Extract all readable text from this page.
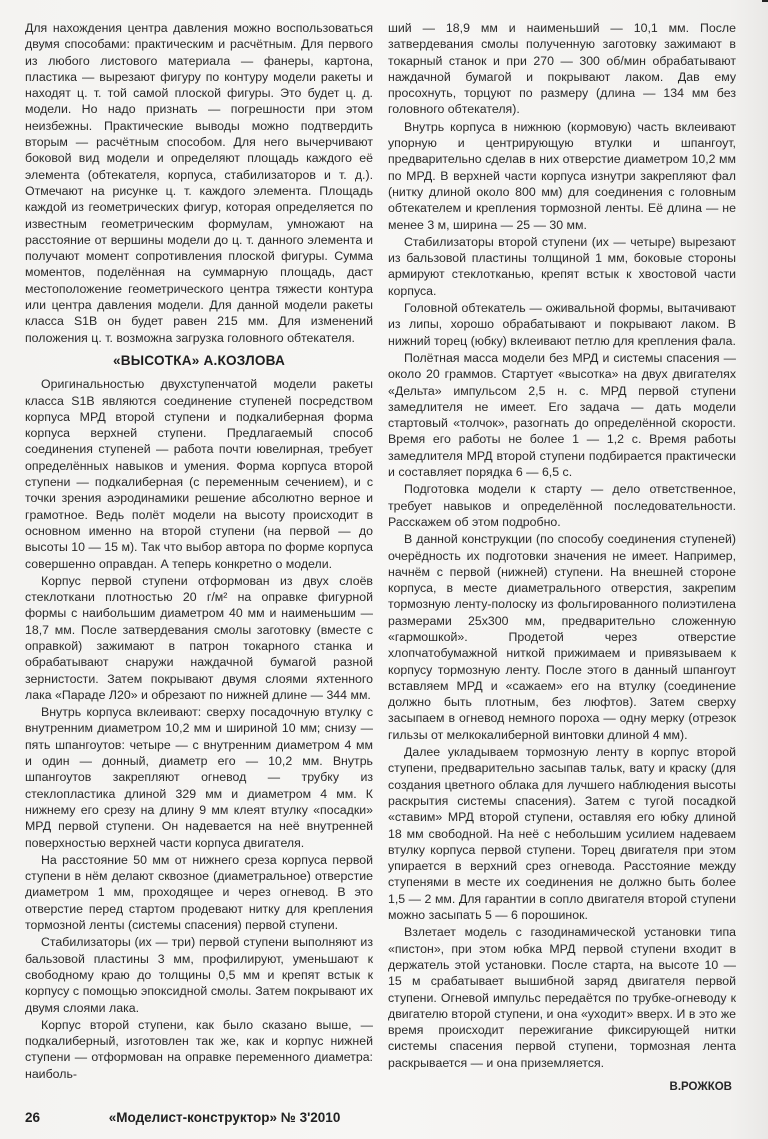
Для нахождения центра давления можно воспользоваться двумя способами: практическим и расчётным. Для первого из любого листового материала — фанеры, картона, пластика — вырезают фигуру по контуру модели ракеты и находят ц. т. той самой плоской фигуры. Это будет ц. д. модели. Но надо признать — погрешности при этом неизбежны. Практические выводы можно подтвердить вторым — расчётным способом. Для него вычерчивают боковой вид модели и определяют площадь каждого её элемента (обтекателя, корпуса, стабилизаторов и т. д.). Отмечают на рисунке ц. т. каждого элемента. Площадь каждой из геометрических фигур, которая определяется по известным геометрическим формулам, умножают на расстояние от вершины модели до ц. т. данного элемента и получают момент сопротивления плоской фигуры. Сумма моментов, поделённая на суммарную площадь, даст местоположение геометрического центра тяжести контура или центра давления модели. Для данной модели ракеты класса S1B он будет равен 215 мм. Для изменений положения ц. т. возможна загрузка головного обтекателя.

«ВЫСОТКА» А.КОЗЛОВА

Оригинальностью двухступенчатой модели ракеты класса S1B являются соединение ступеней посредством корпуса МРД второй ступени и подкалиберная форма корпуса верхней ступени. Предлагаемый способ соединения ступеней — работа почти ювелирная, требует определённых навыков и умения. Форма корпуса второй ступени — подкалиберная (с переменным сечением), и с точки зрения аэродинамики решение абсолютно верное и грамотное. Ведь полёт модели на высоту происходит в основном именно на второй ступени (на первой — до высоты 10 — 15 м). Так что выбор автора по форме корпуса совершенно оправдан. А теперь конкретно о модели.

Корпус первой ступени отформован из двух слоёв стеклоткани плотностью 20 г/м² на оправке фигурной формы с наибольшим диаметром 40 мм и наименьшим — 18,7 мм. После затвердевания смолы заготовку (вместе с оправкой) зажимают в патрон токарного станка и обрабатывают снаружи наждачной бумагой разной зернистости. Затем покрывают двумя слоями яхтенного лака «Параде Л20» и обрезают по нижней длине — 344 мм.

Внутрь корпуса вклеивают: сверху посадочную втулку с внутренним диаметром 10,2 мм и шириной 10 мм; снизу — пять шпангоутов: четыре — с внутренним диаметром 4 мм и один — донный, диаметр его — 10,2 мм. Внутрь шпангоутов закрепляют огневод — трубку из стеклопластика длиной 329 мм и диаметром 4 мм. К нижнему его срезу на длину 9 мм клеят втулку «посадки» МРД первой ступени. Он надевается на неё внутренней поверхностью верхней части корпуса двигателя.

На расстояние 50 мм от нижнего среза корпуса первой ступени в нём делают сквозное (диаметральное) отверстие диаметром 1 мм, проходящее и через огневод. В это отверстие перед стартом продевают нитку для крепления тормозной ленты (системы спасения) первой ступени.

Стабилизаторы (их — три) первой ступени выполняют из бальзовой пластины 3 мм, профилируют, уменьшают к свободному краю до толщины 0,5 мм и крепят встык к корпусу с помощью эпоксидной смолы. Затем покрывают их двумя слоями лака.

Корпус второй ступени, как было сказано выше, — подкалиберный, изготовлен так же, как и корпус нижней ступени — отформован на оправке переменного диаметра: наиболь-

ший — 18,9 мм и наименьший — 10,1 мм. После затвердевания смолы полученную заготовку зажимают в токарный станок и при 270 — 300 об/мин обрабатывают наждачной бумагой и покрывают лаком. Дав ему просохнуть, торцуют по размеру (длина — 134 мм без головного обтекателя).

Внутрь корпуса в нижнюю (кормовую) часть вклеивают упорную и центрирующую втулки и шпангоут, предварительно сделав в них отверстие диаметром 10,2 мм по МРД. В верхней части корпуса изнутри закрепляют фал (нитку длиной около 800 мм) для соединения с головным обтекателем и крепления тормозной ленты. Её длина — не менее 3 м, ширина — 25 — 30 мм.

Стабилизаторы второй ступени (их — четыре) вырезают из бальзовой пластины толщиной 1 мм, боковые стороны армируют стеклотканью, крепят встык к хвостовой части корпуса.

Головной обтекатель — оживальной формы, вытачивают из липы, хорошо обрабатывают и покрывают лаком. В нижний торец (юбку) вклеивают петлю для крепления фала.

Полётная масса модели без МРД и системы спасения — около 20 граммов. Стартует «высотка» на двух двигателях «Дельта» импульсом 2,5 н. с. МРД первой ступени замедлителя не имеет. Его задача — дать модели стартовый «толчок», разогнать до определённой скорости. Время его работы не более 1 — 1,2 с. Время работы замедлителя МРД второй ступени подбирается практически и составляет порядка 6 — 6,5 с.

Подготовка модели к старту — дело ответственное, требует навыков и определённой последовательности. Расскажем об этом подробно.

В данной конструкции (по способу соединения ступеней) очерёдность их подготовки значения не имеет. Например, начнём с первой (нижней) ступени. На внешней стороне корпуса, в месте диаметрального отверстия, закрепим тормозную ленту-полоску из фольгированного полиэтилена размерами 25х300 мм, предварительно сложенную «гармошкой». Продетой через отверстие хлопчатобумажной ниткой прижимаем и привязываем к корпусу тормозную ленту. После этого в данный шпангоут вставляем МРД и «сажаем» его на втулку (соединение должно быть плотным, без люфтов). Затем сверху засыпаем в огневод немного пороха — одну мерку (отрезок гильзы от мелкокалиберной винтовки длиной 4 мм).

Далее укладываем тормозную ленту в корпус второй ступени, предварительно засыпав тальк, вату и краску (для создания цветного облака для лучшего наблюдения высоты раскрытия системы спасения). Затем с тугой посадкой «ставим» МРД второй ступени, оставляя его юбку длиной 18 мм свободной. На неё с небольшим усилием надеваем втулку корпуса первой ступени. Торец двигателя при этом упирается в верхний срез огневода. Расстояние между ступенями в месте их соединения не должно быть более 1,5 — 2 мм. Для гарантии в сопло двигателя второй ступени можно засыпать 5 — 6 порошинок.

Взлетает модель с газодинамической установки типа «пистон», при этом юбка МРД первой ступени входит в держатель этой установки. После старта, на высоте 10 — 15 м срабатывает вышибной заряд двигателя первой ступени. Огневой импульс передаётся по трубке-огневоду к двигателю второй ступени, и она «уходит» вверх. И в это же время происходит пережигание фиксирующей нитки системы спасения первой ступени, тормозная лента раскрывается — и она приземляется.

В.РОЖКОВ

26	«Моделист-конструктор» № 3'2010
